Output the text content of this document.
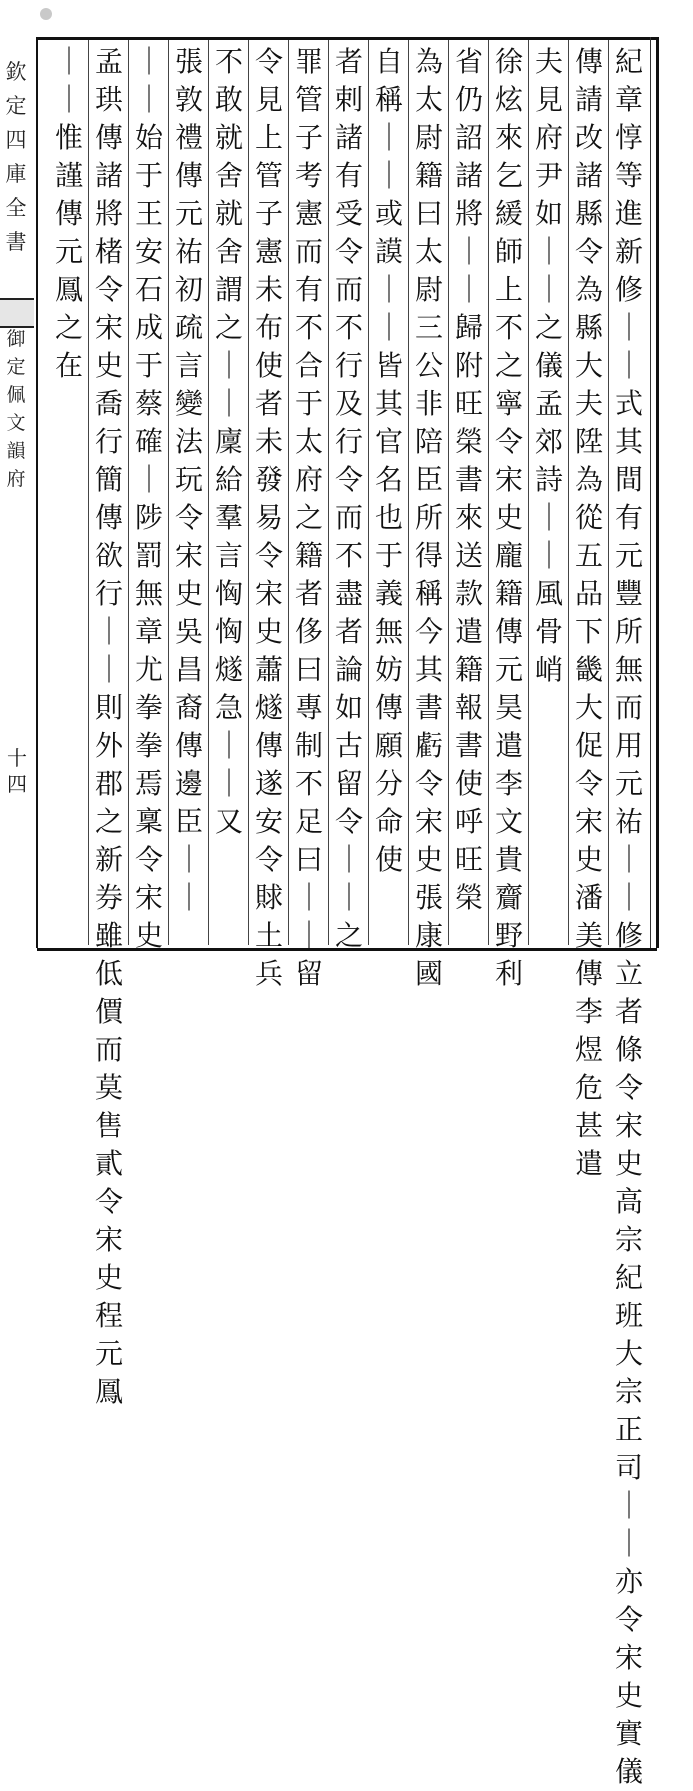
欽定四庫全書
御定佩文韻府
十四
紀章惇等進新修｜｜式其間有元豐所無而用元祐｜｜修立者條令宋史高宗紀班大宗正司｜｜亦令宋史實儀
傳請改諸縣令為縣大夫陞為從五品下畿大促令宋史潘美傳李煜危甚遣
夫見府尹如｜｜之儀孟郊詩｜｜風骨峭
徐炫來乞緩師上不之寧令宋史龐籍傳元昊遣李文貴齎野利
省仍詔諸將｜｜歸附旺榮書來送款遣籍報書使呼旺榮
為太尉籍曰太尉三公非陪臣所得稱今其書虧令宋史張康國
自稱｜｜或謨｜｜皆其官名也于義無妨傳願分命使
者剌諸有受令而不行及行令而不盡者論如古留令｜｜之
罪管子考憲而有不合于太府之籍者侈曰專制不足曰｜｜留
令見上管子憲未布使者未發易令宋史蕭燧傳遂安令賕土兵
不敢就舍就舍謂之｜｜廩給羣言恟恟燧急｜｜又
張敦禮傳元祐初疏言變法玩令宋史吳昌裔傳邊臣｜｜
｜｜始于王安石成于蔡確｜陟罰無章尤拳拳焉稟令宋史
孟珙傳諸將楮令宋史喬行簡傳欲行｜｜則外郡之新券雖低價而莫售貳令宋史程元鳳
｜｜惟謹傳元鳳之在
